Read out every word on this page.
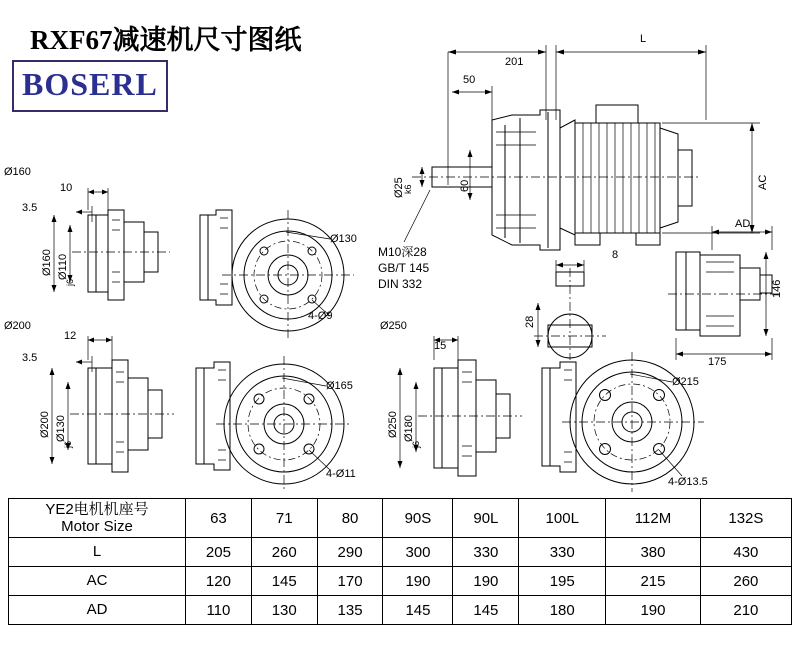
RXF67减速机尺寸图纸
BOSERL
201
L
50
Ø25
k6	60	AC
AD
146
175
8
28
M10深28
GB/T 145
DIN 332
Ø160
10
3.5
Ø160 Ø110
j6
Ø130
4-Ø9
Ø200
12
3.5
Ø200 Ø130
j6
Ø165
4-Ø11
Ø250
15
Ø250 Ø180
j6
Ø215
4-Ø13.5
YE2电机机座号
Motor Size	63	71	80	90S	90L	100L	112M	132S
L	205	260	290	300	330	330	380	430
AC	120	145	170	190	190	195	215	260
AD	110	130	135	145	145	180	190	210
